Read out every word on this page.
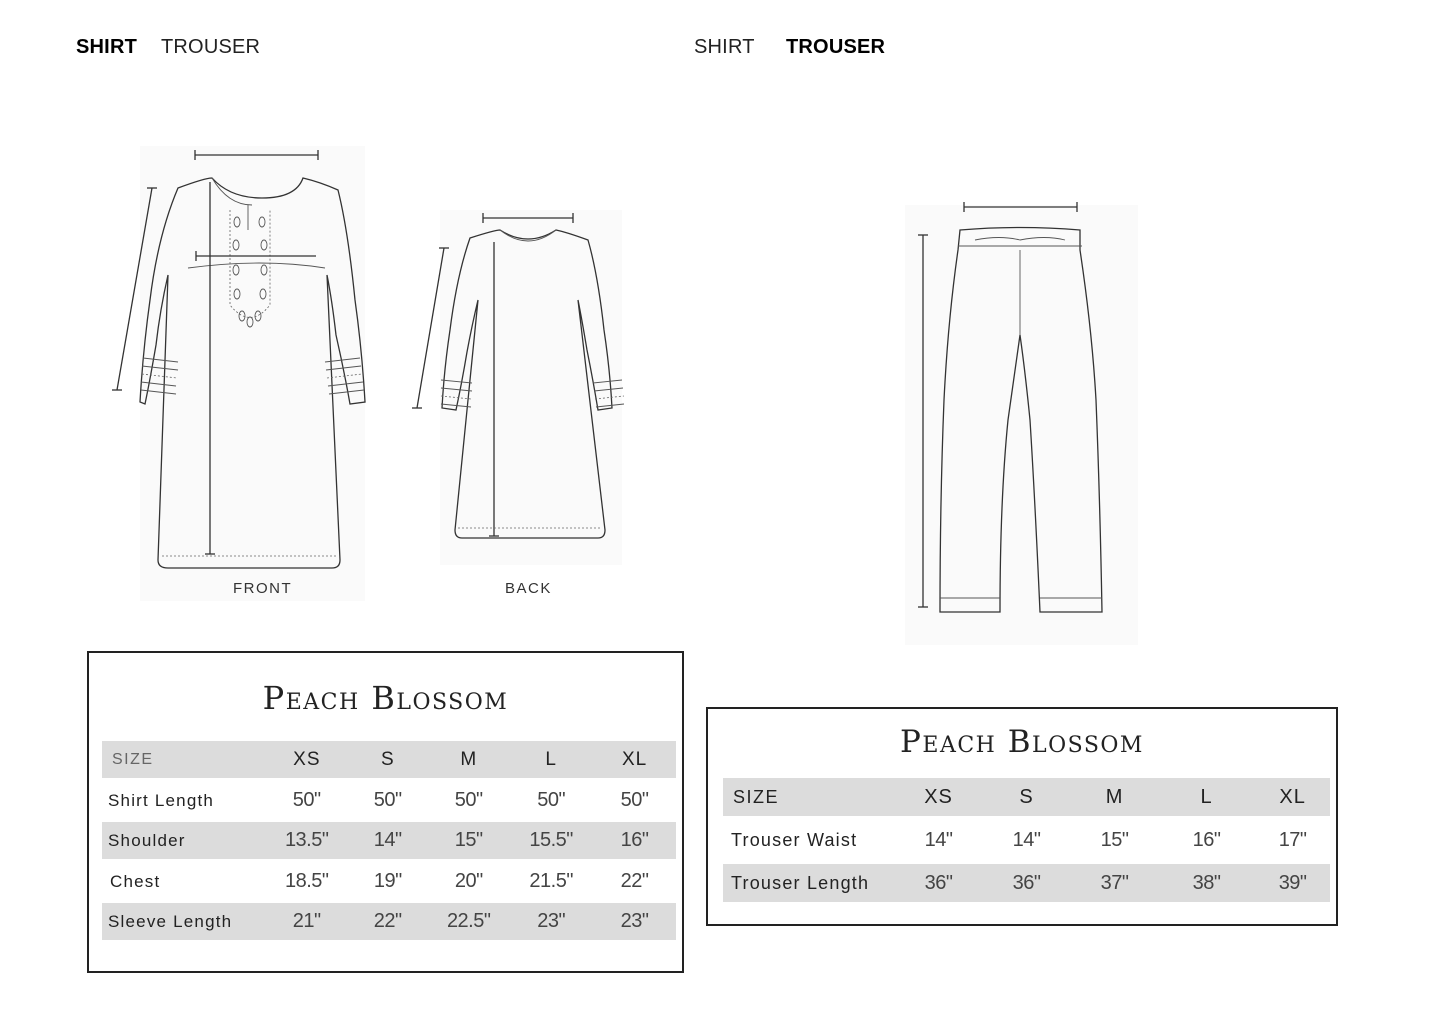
SHIRT TROUSER	SHIRT TROUSER
FRONT	BACK
Peach Blossom
SIZE	XS	S	M	L	XL
Shirt Length	50"	50"	50"	50"	50"
Shoulder	13.5"	14"	15"	15.5"	16"
Chest	18.5"	19"	20"	21.5"	22"
Sleeve Length	21"	22"	22.5"	23"	23"
Peach Blossom
SIZE	XS	S	M	L	XL
Trouser Waist	14"	14"	15"	16"	17"
Trouser Length	36"	36"	37"	38"	39"
